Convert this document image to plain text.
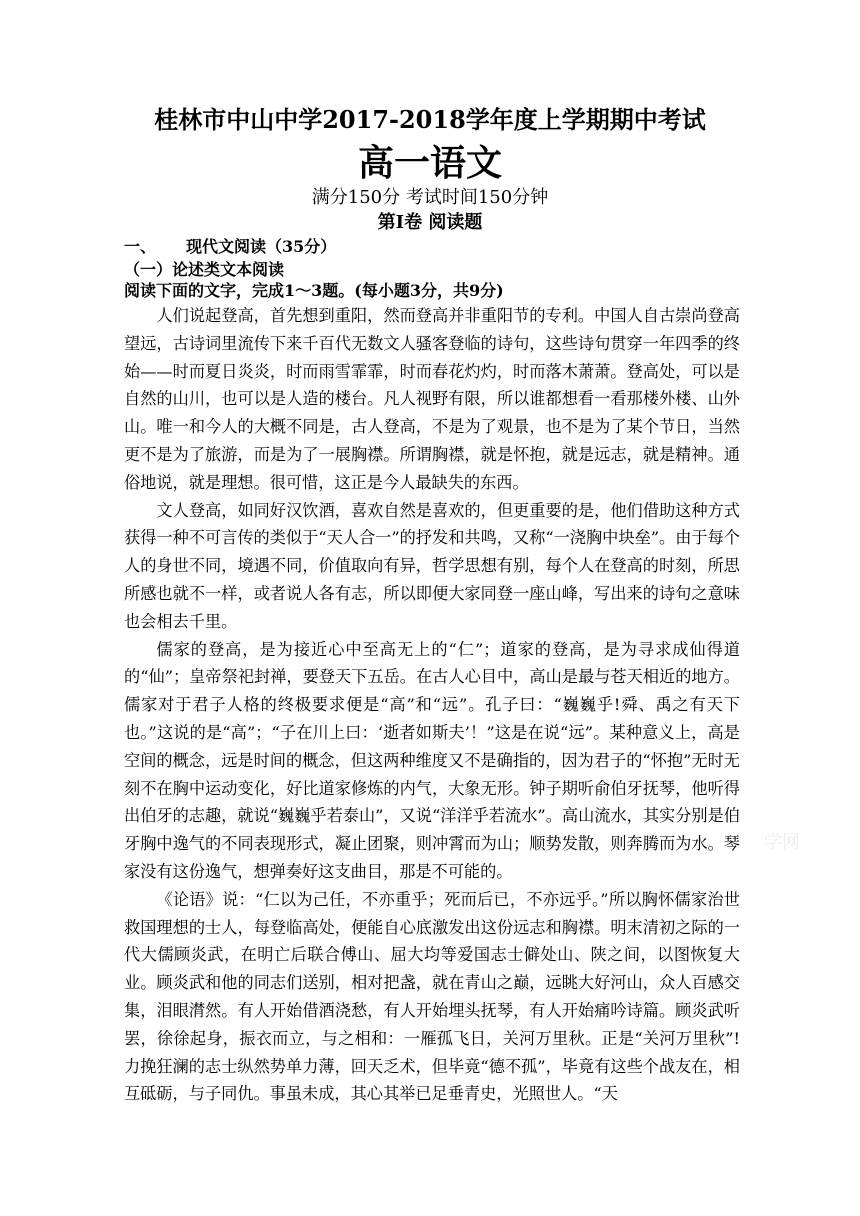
桂林市中山中学2017-2018学年度上学期期中考试
高一语文
满分150分 考试时间150分钟
第Ⅰ卷 阅读题
一、 现代文阅读（35分）
（一）论述类文本阅读
阅读下面的文字，完成1～3题。(每小题3分，共9分)

人们说起登高，首先想到重阳，然而登高并非重阳节的专利。中国人自古崇尚登高望远，古诗词里流传下来千百代无数文人骚客登临的诗句，这些诗句贯穿一年四季的终始——时而夏日炎炎，时而雨雪霏霏，时而春花灼灼，时而落木萧萧。登高处，可以是自然的山川，也可以是人造的楼台。凡人视野有限，所以谁都想看一看那楼外楼、山外山。唯一和今人的大概不同是，古人登高，不是为了观景，也不是为了某个节日，当然更不是为了旅游，而是为了一展胸襟。所谓胸襟，就是怀抱，就是远志，就是精神。通俗地说，就是理想。很可惜，这正是今人最缺失的东西。

文人登高，如同好汉饮酒，喜欢自然是喜欢的，但更重要的是，他们借助这种方式获得一种不可言传的类似于“天人合一”的抒发和共鸣，又称“一浇胸中块垒”。由于每个人的身世不同，境遇不同，价值取向有异，哲学思想有别，每个人在登高的时刻，所思所感也就不一样，或者说人各有志，所以即便大家同登一座山峰，写出来的诗句之意味也会相去千里。

儒家的登高，是为接近心中至高无上的“仁”；道家的登高，是为寻求成仙得道的“仙”；皇帝祭祀封禅，要登天下五岳。在古人心目中，高山是最与苍天相近的地方。儒家对于君子人格的终极要求便是“高”和“远”。孔子曰：“巍巍乎!舜、禹之有天下也。”这说的是“高”；“子在川上曰：‘逝者如斯夫’！”这是在说“远”。某种意义上，高是空间的概念，远是时间的概念，但这两种维度又不是确指的，因为君子的“怀抱”无时无刻不在胸中运动变化，好比道家修炼的内气，大象无形。钟子期听俞伯牙抚琴，他听得出伯牙的志趣，就说“巍巍乎若泰山”，又说“洋洋乎若流水”。高山流水，其实分别是伯牙胸中逸气的不同表现形式，凝止团聚，则冲霄而为山；顺势发散，则奔腾而为水。琴家没有这份逸气，想弹奏好这支曲目，那是不可能的。

《论语》说：“仁以为己任，不亦重乎；死而后已，不亦远乎。”所以胸怀儒家治世救国理想的士人，每登临高处，便能自心底激发出这份远志和胸襟。明末清初之际的一代大儒顾炎武，在明亡后联合傅山、屈大均等爱国志士僻处山、陕之间，以图恢复大业。顾炎武和他的同志们送别，相对把盏，就在青山之巅，远眺大好河山，众人百感交集，泪眼潸然。有人开始借酒浇愁，有人开始埋头抚琴，有人开始痛吟诗篇。顾炎武听罢，徐徐起身，振衣而立，与之相和：一雁孤飞日，关河万里秋。正是“关河万里秋”!力挽狂澜的志士纵然势单力薄，回天乏术，但毕竟“德不孤”，毕竟有这些个战友在，相互砥砺，与子同仇。事虽未成，其心其举已足垂青史，光照世人。“天

学网
